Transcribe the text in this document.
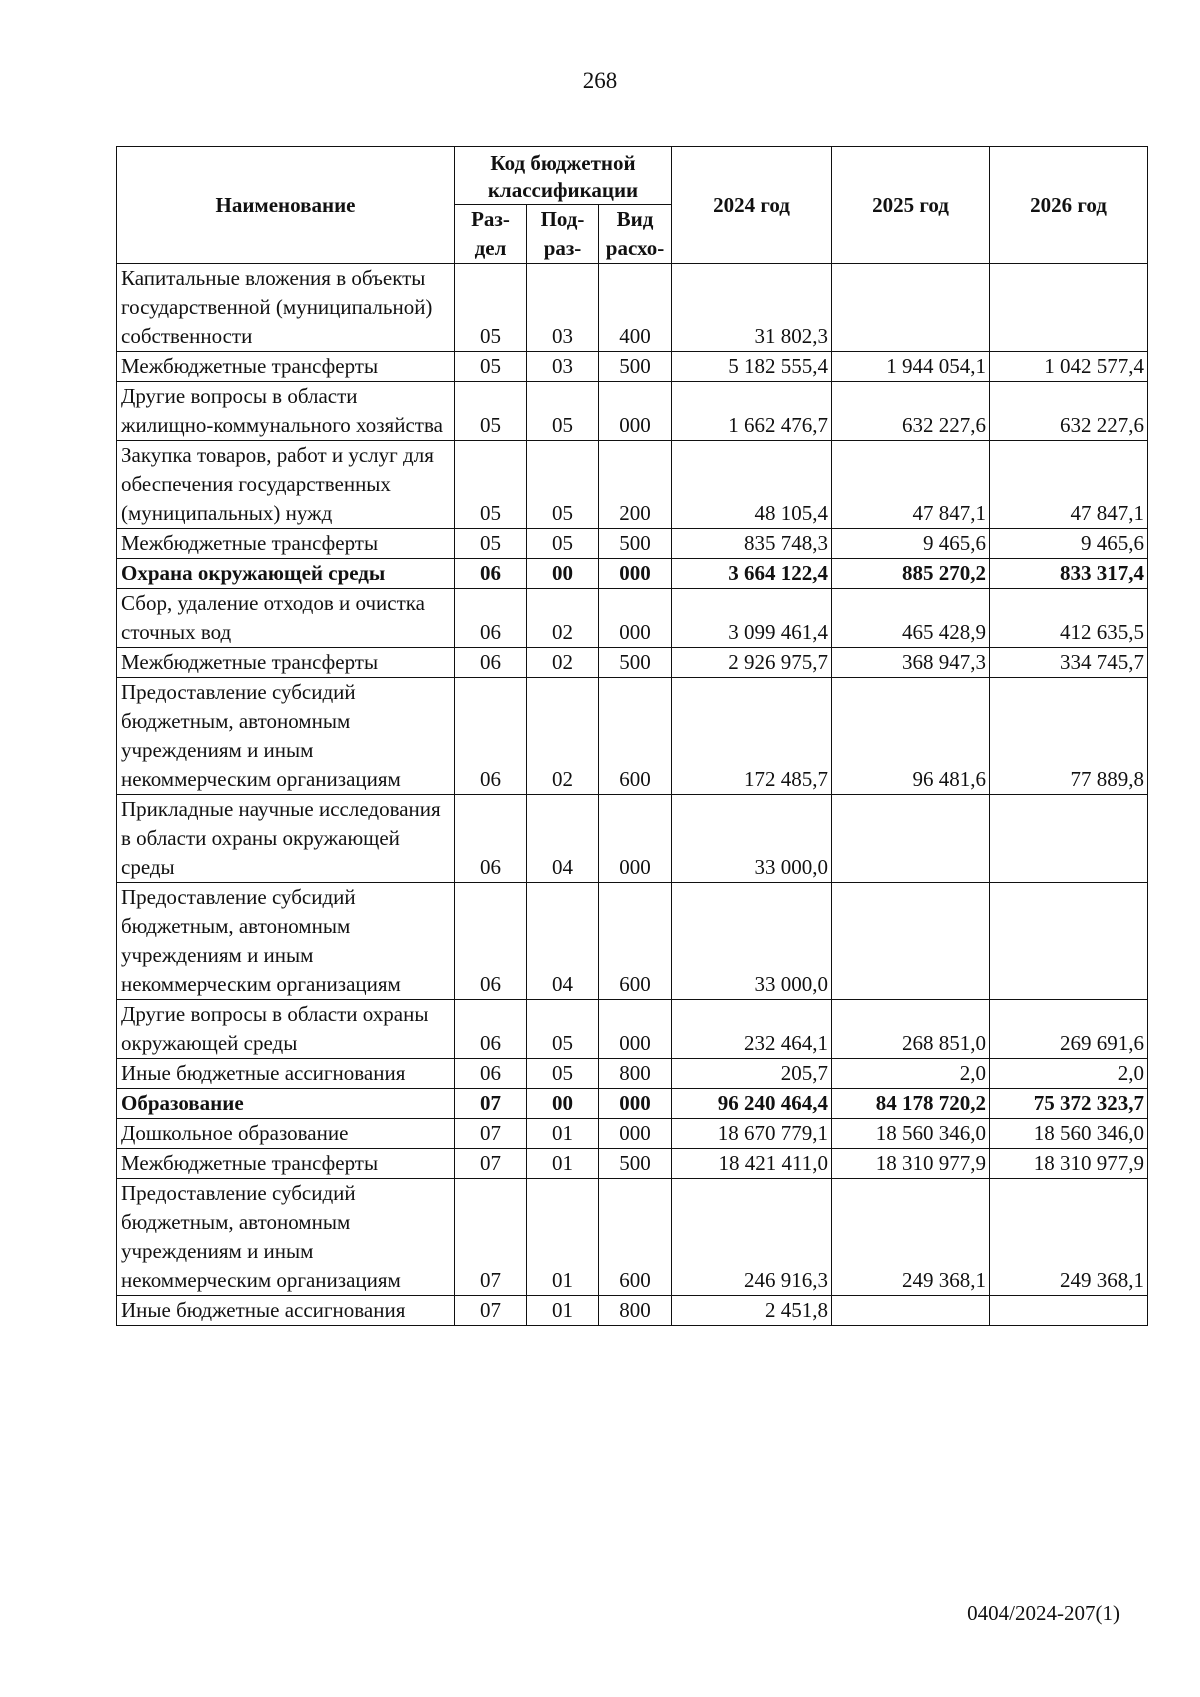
268
Наименование	Код бюджетной классификации			2024 год	2025 год	2026 год
	Раз- дел	Под- раз-	Вид расхо-			
Капитальные вложения в объекты государственной (муниципальной) собственности	05	03	400	31 802,3		
Межбюджетные трансферты	05	03	500	5 182 555,4	1 944 054,1	1 042 577,4
Другие вопросы в области жилищно-коммунального хозяйства	05	05	000	1 662 476,7	632 227,6	632 227,6
Закупка товаров, работ и услуг для обеспечения государственных (муниципальных) нужд	05	05	200	48 105,4	47 847,1	47 847,1
Межбюджетные трансферты	05	05	500	835 748,3	9 465,6	9 465,6
Охрана окружающей среды	06	00	000	3 664 122,4	885 270,2	833 317,4
Сбор, удаление отходов и очистка сточных вод	06	02	000	3 099 461,4	465 428,9	412 635,5
Межбюджетные трансферты	06	02	500	2 926 975,7	368 947,3	334 745,7
Предоставление субсидий бюджетным, автономным учреждениям и иным некоммерческим организациям	06	02	600	172 485,7	96 481,6	77 889,8
Прикладные научные исследования в области охраны окружающей среды	06	04	000	33 000,0		
Предоставление субсидий бюджетным, автономным учреждениям и иным некоммерческим организациям	06	04	600	33 000,0		
Другие вопросы в области охраны окружающей среды	06	05	000	232 464,1	268 851,0	269 691,6
Иные бюджетные ассигнования	06	05	800	205,7	2,0	2,0
Образование	07	00	000	96 240 464,4	84 178 720,2	75 372 323,7
Дошкольное образование	07	01	000	18 670 779,1	18 560 346,0	18 560 346,0
Межбюджетные трансферты	07	01	500	18 421 411,0	18 310 977,9	18 310 977,9
Предоставление субсидий бюджетным, автономным учреждениям и иным некоммерческим организациям	07	01	600	246 916,3	249 368,1	249 368,1
Иные бюджетные ассигнования	07	01	800	2 451,8		
0404/2024-207(1)
